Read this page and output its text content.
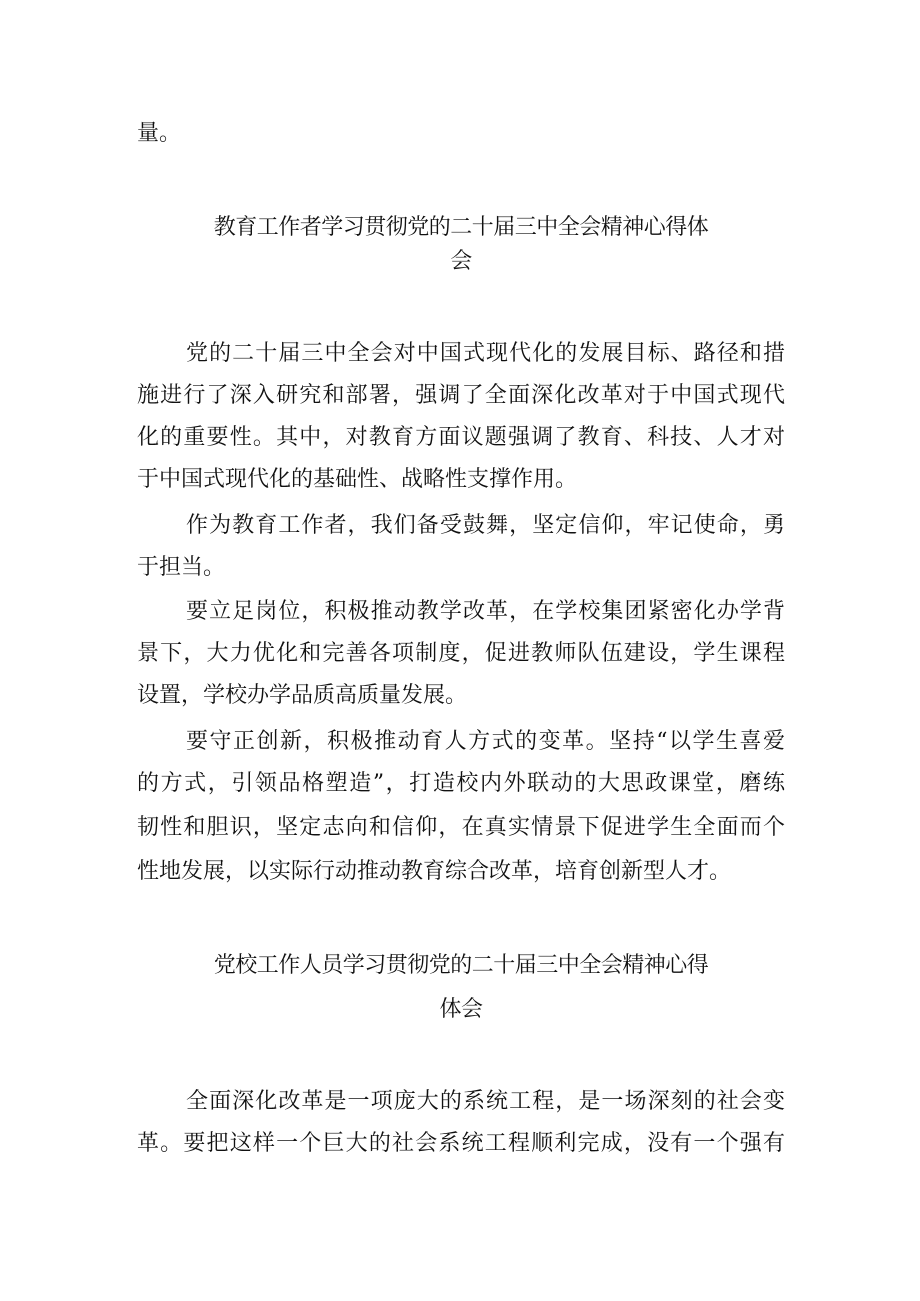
量。
教育工作者学习贯彻党的二十届三中全会精神心得体
会
党的二十届三中全会对中国式现代化的发展目标、路径和措
施进行了深入研究和部署，强调了全面深化改革对于中国式现代
化的重要性。其中，对教育方面议题强调了教育、科技、人才对
于中国式现代化的基础性、战略性支撑作用。
作为教育工作者，我们备受鼓舞，坚定信仰，牢记使命，勇
于担当。
要立足岗位，积极推动教学改革，在学校集团紧密化办学背
景下，大力优化和完善各项制度，促进教师队伍建设，学生课程
设置，学校办学品质高质量发展。
要守正创新，积极推动育人方式的变革。坚持“以学生喜爱
的方式，引领品格塑造”，打造校内外联动的大思政课堂，磨练
韧性和胆识，坚定志向和信仰，在真实情景下促进学生全面而个
性地发展，以实际行动推动教育综合改革，培育创新型人才。
党校工作人员学习贯彻党的二十届三中全会精神心得
体会
全面深化改革是一项庞大的系统工程，是一场深刻的社会变
革。要把这样一个巨大的社会系统工程顺利完成，没有一个强有
